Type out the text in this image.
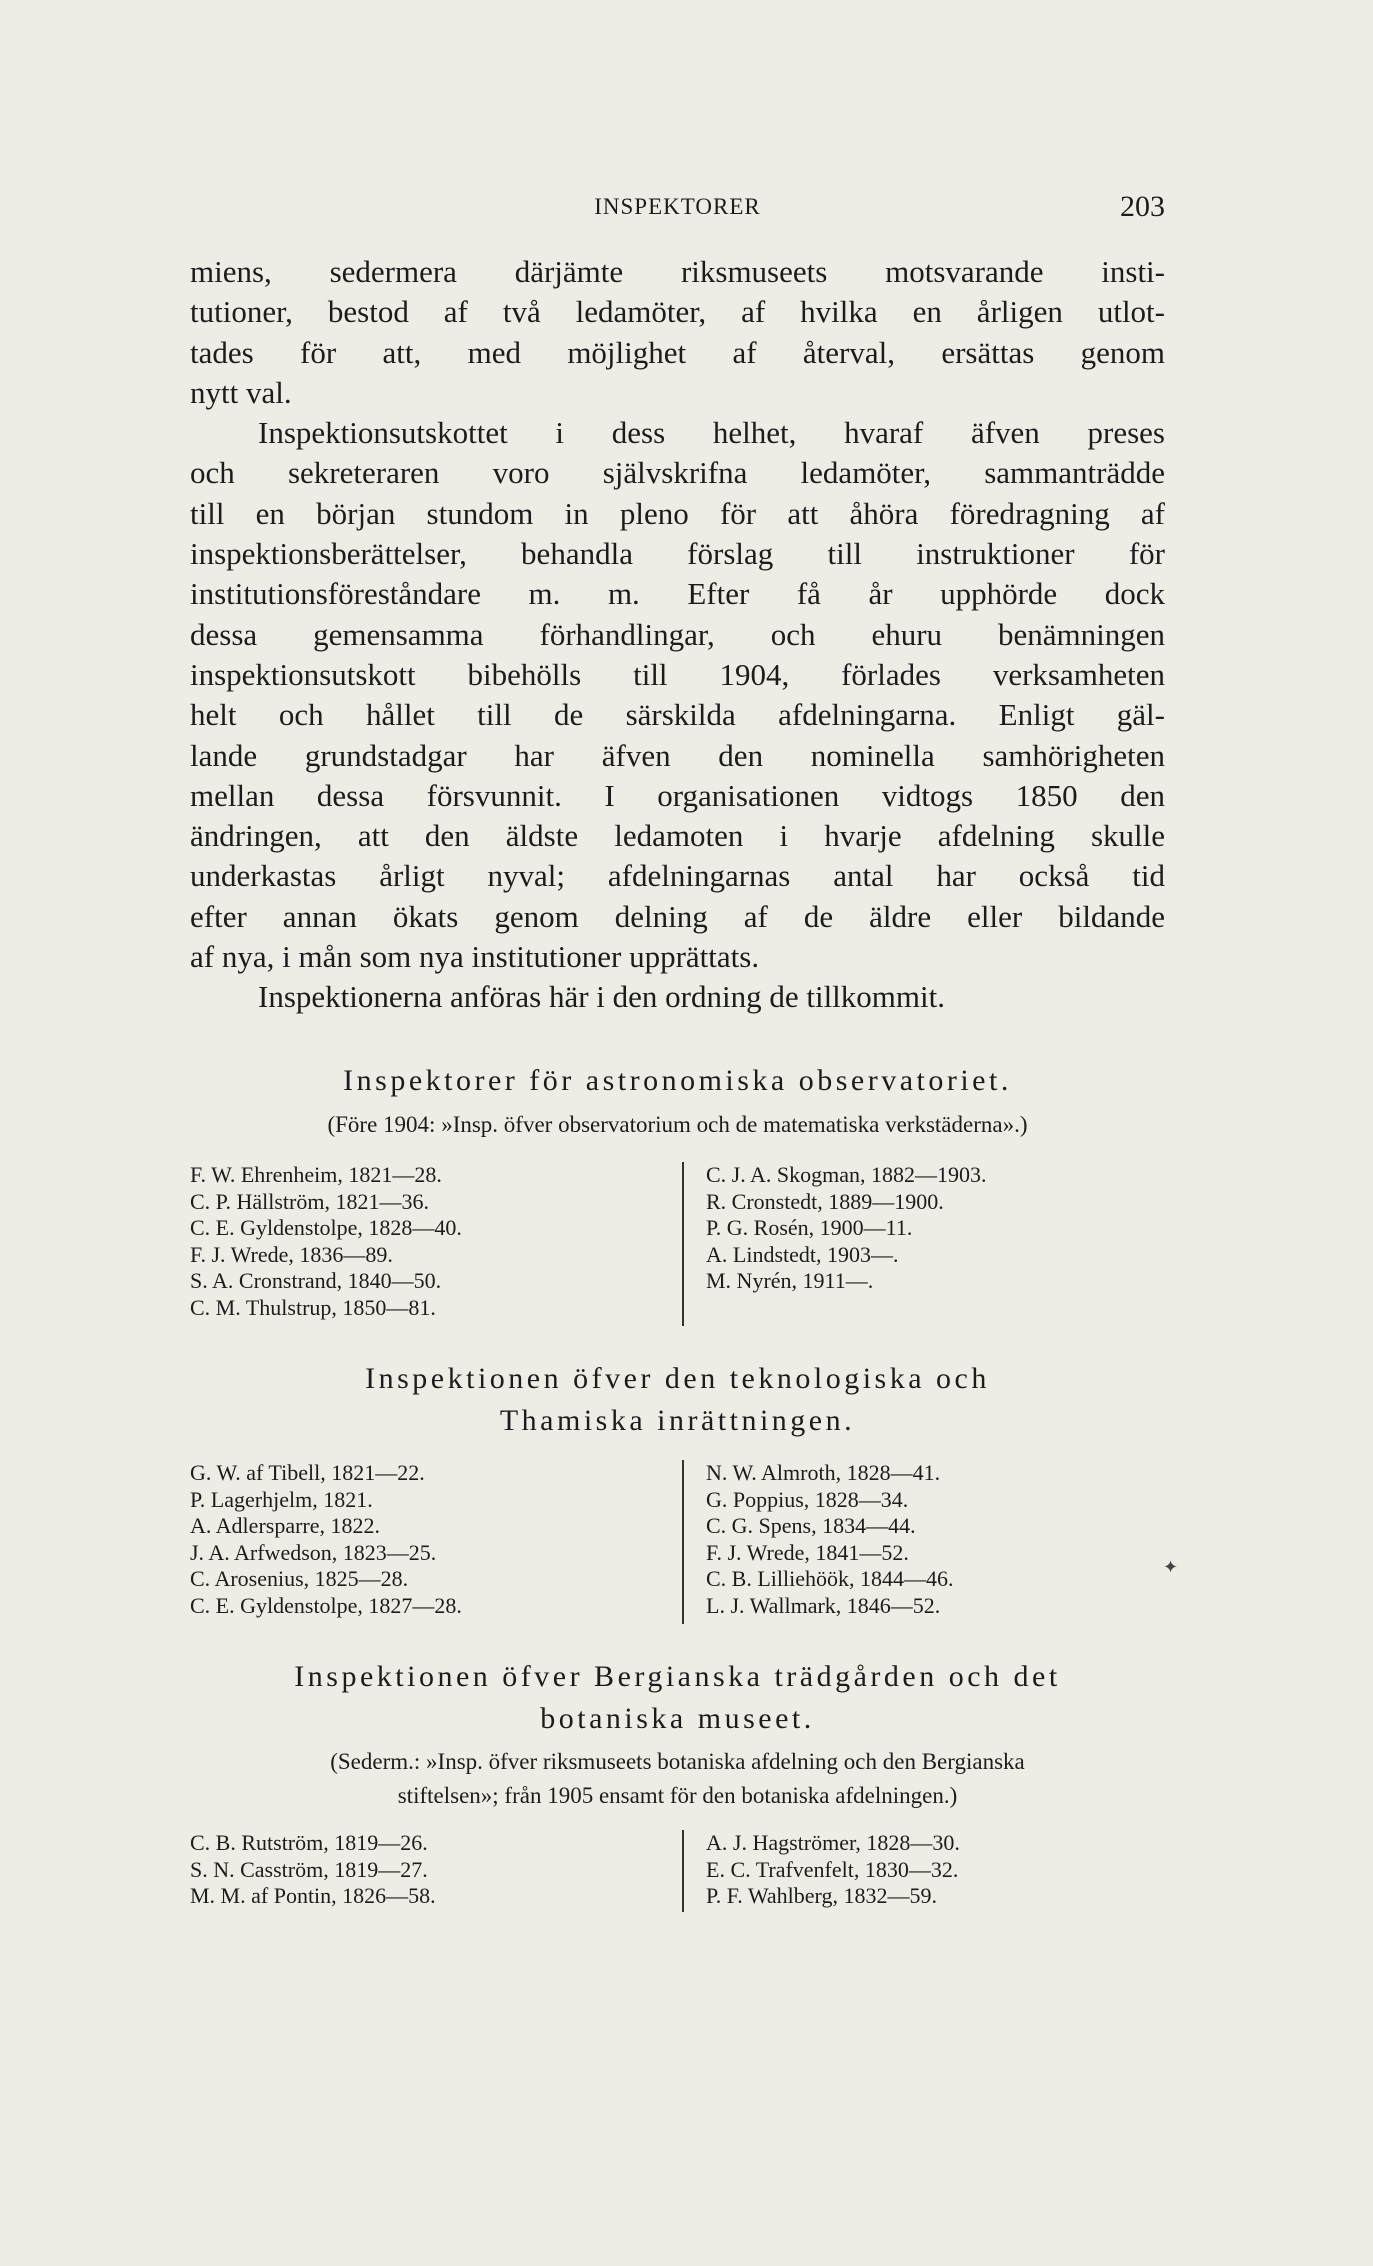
INSPEKTORER	203
miens, sedermera därjämte riksmuseets motsvarande insti-
tutioner, bestod af två ledamöter, af hvilka en årligen utlot-
tades för att, med möjlighet af återval, ersättas genom
nytt val.
Inspektionsutskottet i dess helhet, hvaraf äfven preses
och sekreteraren voro självskrifna ledamöter, sammanträdde
till en början stundom in pleno för att åhöra föredragning af
inspektionsberättelser, behandla förslag till instruktioner för
institutionsföreståndare m. m. Efter få år upphörde dock
dessa gemensamma förhandlingar, och ehuru benämningen
inspektionsutskott bibehölls till 1904, förlades verksamheten
helt och hållet till de särskilda afdelningarna. Enligt gäl-
lande grundstadgar har äfven den nominella samhörigheten
mellan dessa försvunnit. I organisationen vidtogs 1850 den
ändringen, att den äldste ledamoten i hvarje afdelning skulle
underkastas årligt nyval; afdelningarnas antal har också tid
efter annan ökats genom delning af de äldre eller bildande
af nya, i mån som nya institutioner upprättats.
Inspektionerna anföras här i den ordning de tillkommit.
Inspektorer för astronomiska observatoriet.
(Före 1904: »Insp. öfver observatorium och de matematiska verkstäderna».)
F. W. Ehrenheim, 1821—28.
C. P. Hällström, 1821—36.
C. E. Gyldenstolpe, 1828—40.
F. J. Wrede, 1836—89.
S. A. Cronstrand, 1840—50.
C. M. Thulstrup, 1850—81.
C. J. A. Skogman, 1882—1903.
R. Cronstedt, 1889—1900.
P. G. Rosén, 1900—11.
A. Lindstedt, 1903—.
M. Nyrén, 1911—.
Inspektionen öfver den teknologiska och
Thamiska inrättningen.
G. W. af Tibell, 1821—22.
P. Lagerhjelm, 1821.
A. Adlersparre, 1822.
J. A. Arfwedson, 1823—25.
C. Arosenius, 1825—28.
C. E. Gyldenstolpe, 1827—28.
N. W. Almroth, 1828—41.
G. Poppius, 1828—34.
C. G. Spens, 1834—44.
F. J. Wrede, 1841—52.
C. B. Lilliehöök, 1844—46.
L. J. Wallmark, 1846—52.
✦
Inspektionen öfver Bergianska trädgården och det
botaniska museet.
(Sederm.: »Insp. öfver riksmuseets botaniska afdelning och den Bergianska
stiftelsen»; från 1905 ensamt för den botaniska afdelningen.)
C. B. Rutström, 1819—26.
S. N. Casström, 1819—27.
M. M. af Pontin, 1826—58.
A. J. Hagströmer, 1828—30.
E. C. Trafvenfelt, 1830—32.
P. F. Wahlberg, 1832—59.
